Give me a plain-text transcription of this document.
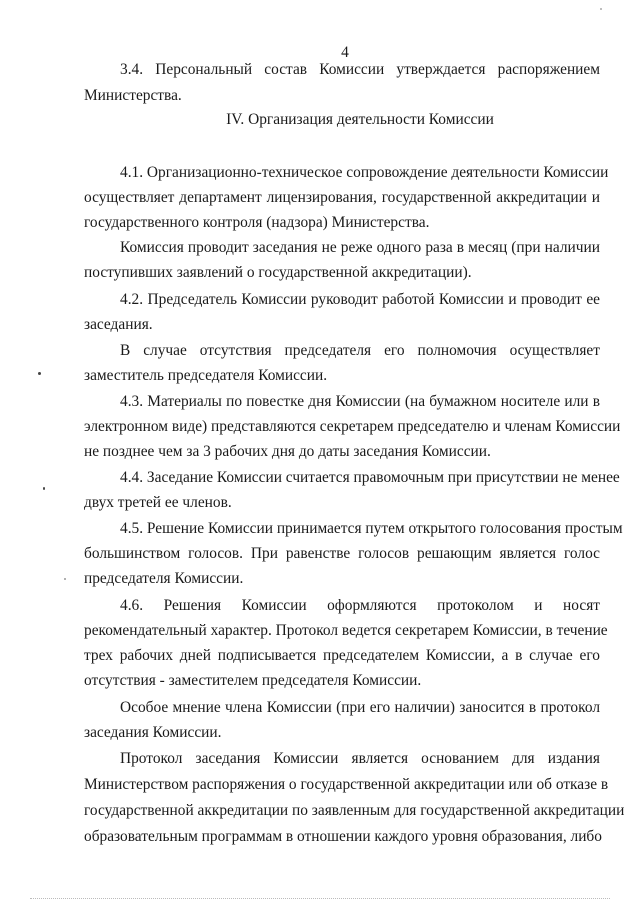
4
3.4. Персональный состав Комиссии утверждается распоряжением
Министерства.
IV. Организация деятельности Комиссии
4.1. Организационно-техническое сопровождение деятельности Комиссии
осуществляет департамент лицензирования, государственной аккредитации и
государственного контроля (надзора) Министерства.
Комиссия проводит заседания не реже одного раза в месяц (при наличии
поступивших заявлений о государственной аккредитации).
4.2. Председатель Комиссии руководит работой Комиссии и проводит ее
заседания.
В случае отсутствия председателя его полномочия осуществляет
заместитель председателя Комиссии.
4.3. Материалы по повестке дня Комиссии (на бумажном носителе или в
электронном виде) представляются секретарем председателю и членам Комиссии
не позднее чем за 3 рабочих дня до даты заседания Комиссии.
4.4. Заседание Комиссии считается правомочным при присутствии не менее
двух третей ее членов.
4.5. Решение Комиссии принимается путем открытого голосования простым
большинством голосов. При равенстве голосов решающим является голос
председателя Комиссии.
4.6. Решения Комиссии оформляются протоколом и носят
рекомендательный характер. Протокол ведется секретарем Комиссии, в течение
трех рабочих дней подписывается председателем Комиссии, а в случае его
отсутствия - заместителем председателя Комиссии.
Особое мнение члена Комиссии (при его наличии) заносится в протокол
заседания Комиссии.
Протокол заседания Комиссии является основанием для издания
Министерством распоряжения о государственной аккредитации или об отказе в
государственной аккредитации по заявленным для государственной аккредитации
образовательным программам в отношении каждого уровня образования, либо
